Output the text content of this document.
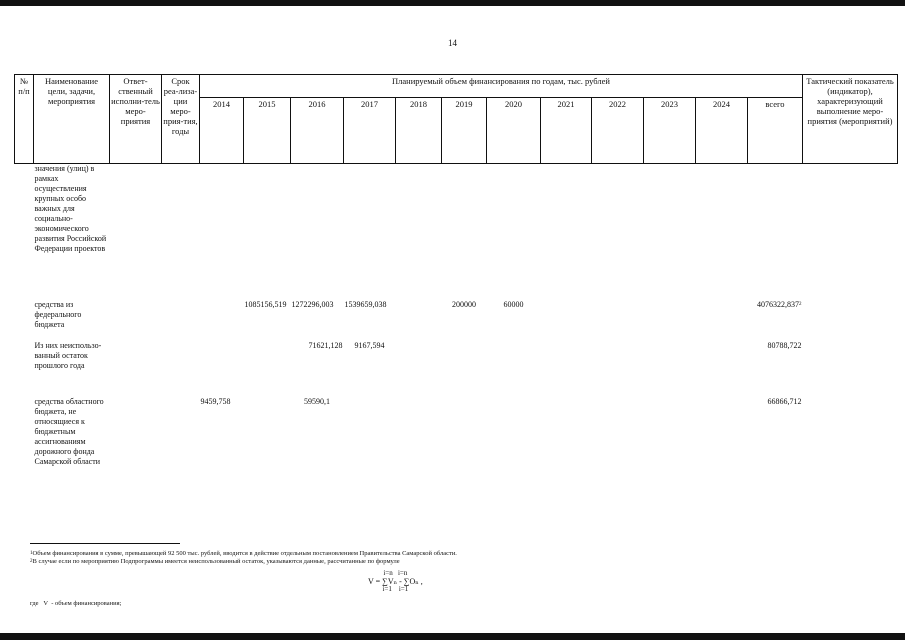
14
№ п/п	Наименование цели, задачи, мероприятия	Ответ-ственный исполни-тель меро-приятия	Срок реа-лиза-ции меро-прия-тия, годы	Планируемый объем финансирования по годам, тыс. рублей												Тактический показатель (индикатор), характеризующий выполнение меро-приятия (мероприятий)
				2014	2015	2016	2017	2018	2019	2020	2021	2022	2023	2024	всего	
	значения (улиц) в рамках осуществления крупных особо важных для социально-экономического развития Российской Федерации проектов															
	средства из федерального бюджета				1085156,519	1272296,003	1539659,038		200000	60000					4076322,837$^2$	
	Из них неиспользо-ванный остаток прошлого года					71621,128	9167,594								80788,722	
	средства областного бюджета, не относящиеся к бюджетным ассигнованиям дорожного фонда Самарской области			9459,758		59590,1									66866,712	
$^1$Объем финансирования в сумме, превышающей 92 500 тыс. рублей, вводится в действие отдельным постановлением Правительства Самарской области.
$^2$В случае если по мероприятию Подпрограммы имеется неиспользованный остаток, указываются данные, рассчитанные по формуле
i=n   i=n
V = ∑Vₙ - ∑Oₙ ,
i=1    i=1
где   V  - объем финансирования;
